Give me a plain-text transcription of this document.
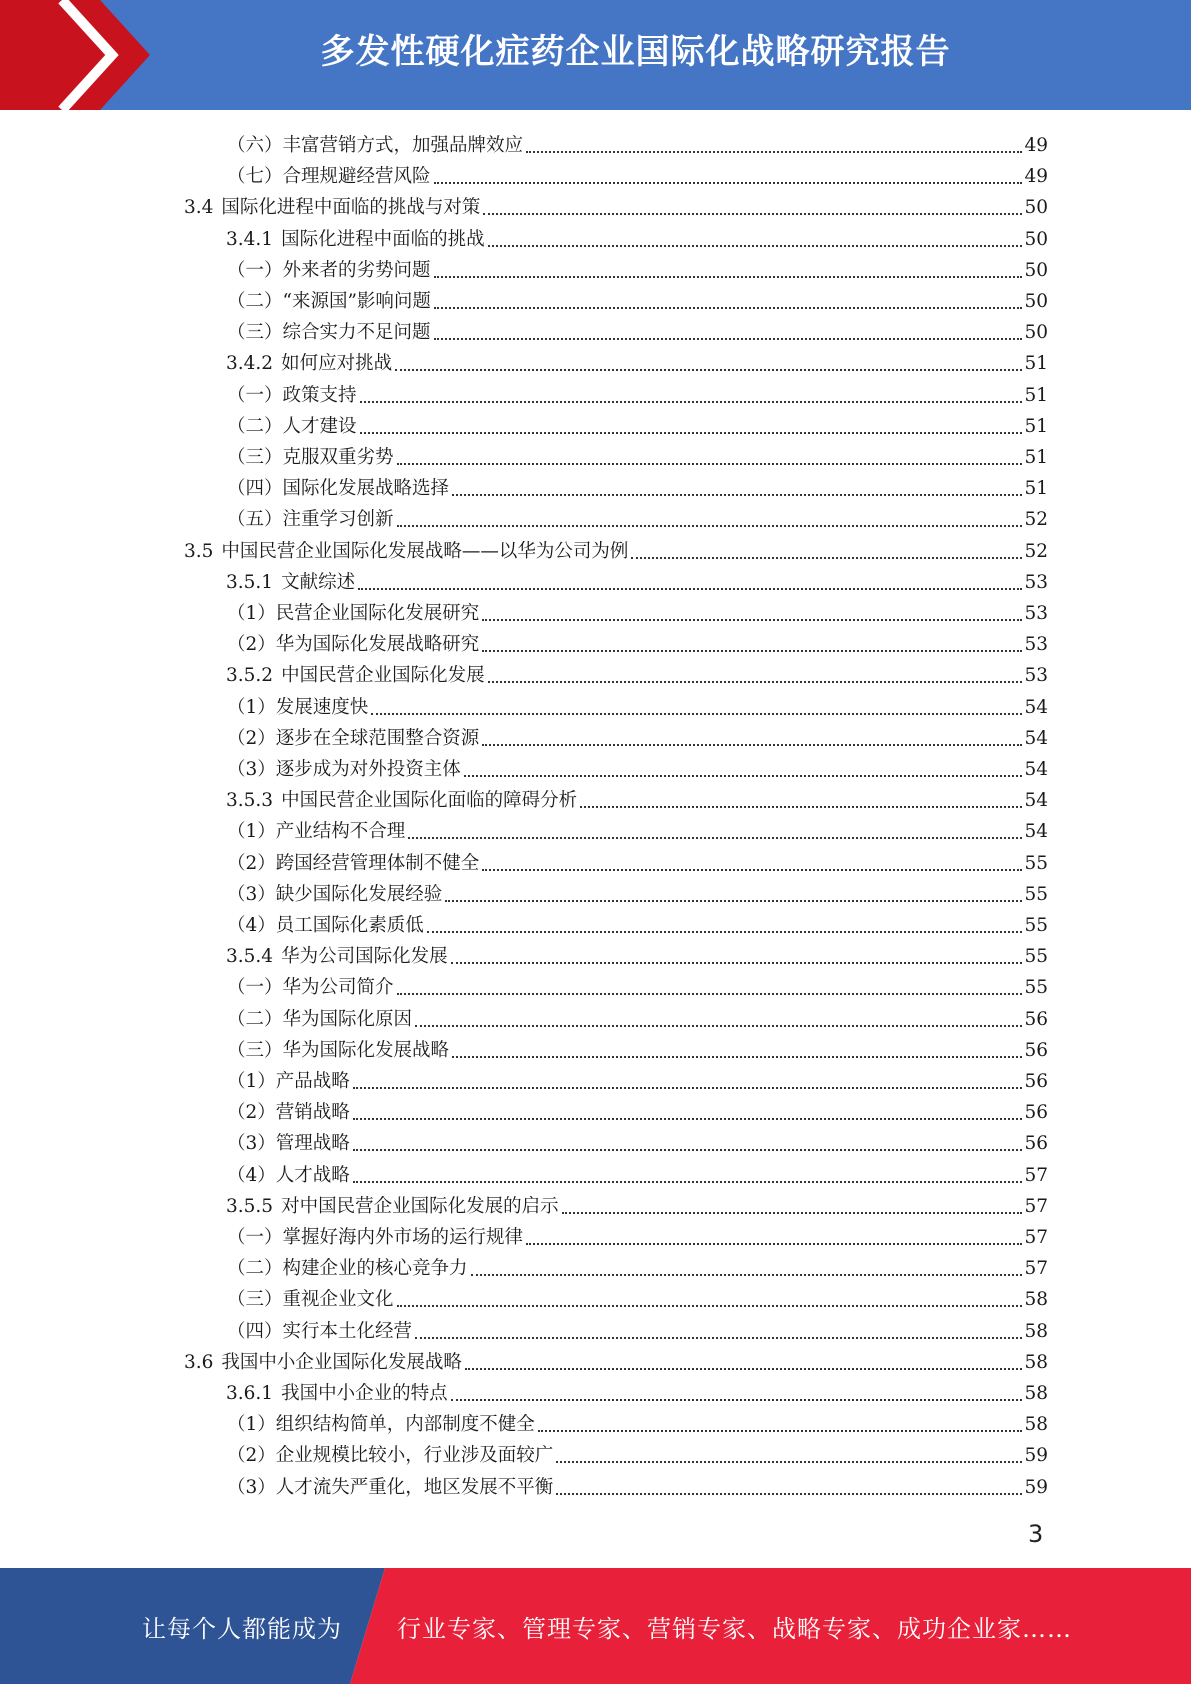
多发性硬化症药企业国际化战略研究报告
（六） 丰富营销方式，加强品牌效应	49
（七） 合理规避经营风险	49
3.4 国际化进程中面临的挑战与对策	50
3.4.1 国际化进程中面临的挑战	50
（一） 外来者的劣势问题	50
（二） “来源国”影响问题	50
（三） 综合实力不足问题	50
3.4.2 如何应对挑战	51
（一） 政策支持	51
（二） 人才建设	51
（三） 克服双重劣势	51
（四） 国际化发展战略选择	51
（五） 注重学习创新	52
3.5 中国民营企业国际化发展战略——以华为公司为例	52
3.5.1 文献综述	53
（1） 民营企业国际化发展研究	53
（2） 华为国际化发展战略研究	53
3.5.2 中国民营企业国际化发展	53
（1） 发展速度快	54
（2） 逐步在全球范围整合资源	54
（3） 逐步成为对外投资主体	54
3.5.3 中国民营企业国际化面临的障碍分析	54
（1） 产业结构不合理	54
（2） 跨国经营管理体制不健全	55
（3） 缺少国际化发展经验	55
（4） 员工国际化素质低	55
3.5.4 华为公司国际化发展	55
（一） 华为公司简介	55
（二） 华为国际化原因	56
（三） 华为国际化发展战略	56
（1） 产品战略	56
（2） 营销战略	56
（3） 管理战略	56
（4） 人才战略	57
3.5.5 对中国民营企业国际化发展的启示	57
（一） 掌握好海内外市场的运行规律	57
（二） 构建企业的核心竞争力	57
（三） 重视企业文化	58
（四） 实行本土化经营	58
3.6 我国中小企业国际化发展战略	58
3.6.1 我国中小企业的特点	58
（1） 组织结构简单，内部制度不健全	58
（2） 企业规模比较小，行业涉及面较广	59
（3） 人才流失严重化，地区发展不平衡	59
3
让每个人都能成为 行业专家、管理专家、营销专家、战略专家、成功企业家……
